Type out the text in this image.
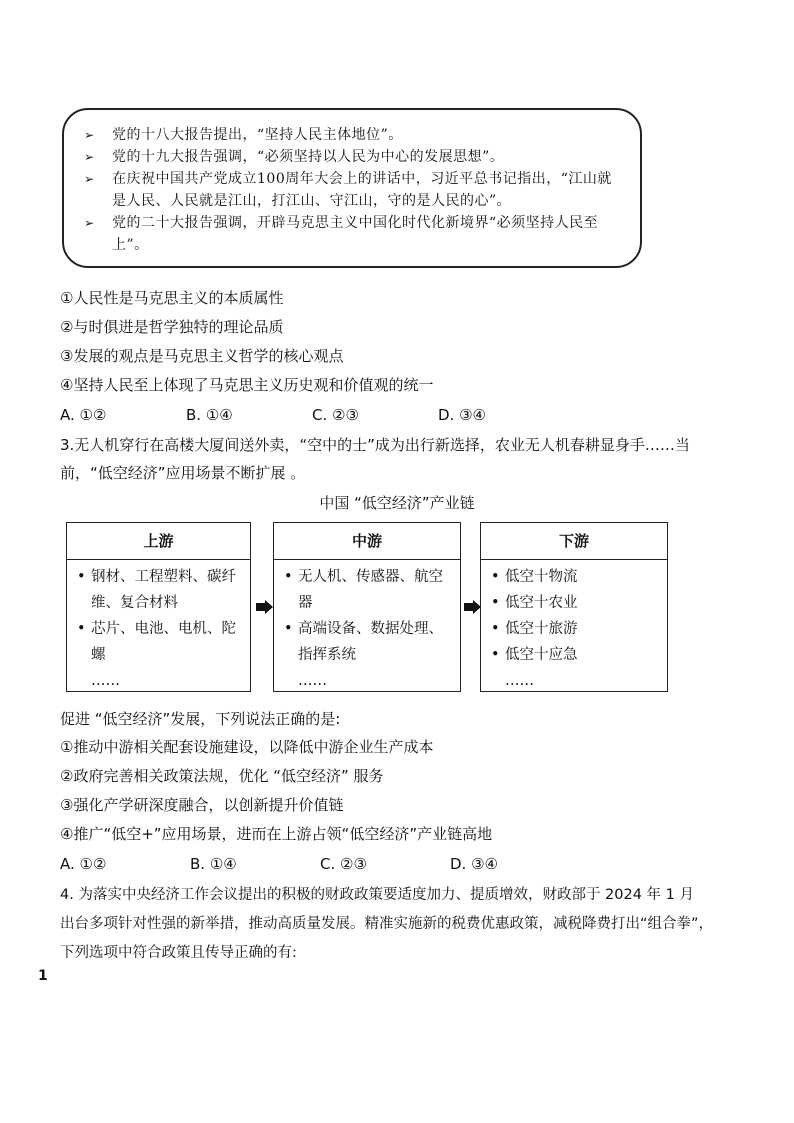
➢	党的十八大报告提出，“坚持人民主体地位”。
➢	党的十九大报告强调，“必须坚持以人民为中心的发展思想”。
➢	在庆祝中国共产党成立100周年大会上的讲话中，习近平总书记指出，“江山就是人民、人民就是江山，打江山、守江山，守的是人民的心”。
➢	党的二十大报告强调，开辟马克思主义中国化时代化新境界“必须坚持人民至上”。
①人民性是马克思主义的本质属性
②与时俱进是哲学独特的理论品质
③发展的观点是马克思主义哲学的核心观点
④坚持人民至上体现了马克思主义历史观和价值观的统一
A. ①②	B. ①④	C. ②③	D. ③④
3.无人机穿行在高楼大厦间送外卖，“空中的士”成为出行新选择，农业无人机春耕显身手……当
前，“低空经济”应用场景不断扩展 。
中国 “低空经济”产业链
上游
• 钢材、工程塑料、碳纤维、复合材料
• 芯片、电池、电机、陀螺
……
中游
• 无人机、传感器、航空器
• 高端设备、数据处理、指挥系统
……
下游
• 低空十物流
• 低空十农业
• 低空十旅游
• 低空十应急
……
促进 “低空经济”发展，下列说法正确的是:
①推动中游相关配套设施建设，以降低中游企业生产成本
②政府完善相关政策法规，优化 “低空经济” 服务
③强化产学研深度融合，以创新提升价值链
④推广“低空+”应用场景，进而在上游占领“低空经济”产业链高地
A. ①②	B. ①④	C. ②③	D. ③④
4. 为落实中央经济工作会议提出的积极的财政政策要适度加力、提质增效，财政部于 2024 年 1 月
出台多项针对性强的新举措，推动高质量发展。精准实施新的税费优惠政策，减税降费打出“组合拳”，
下列选项中符合政策且传导正确的有:
1
